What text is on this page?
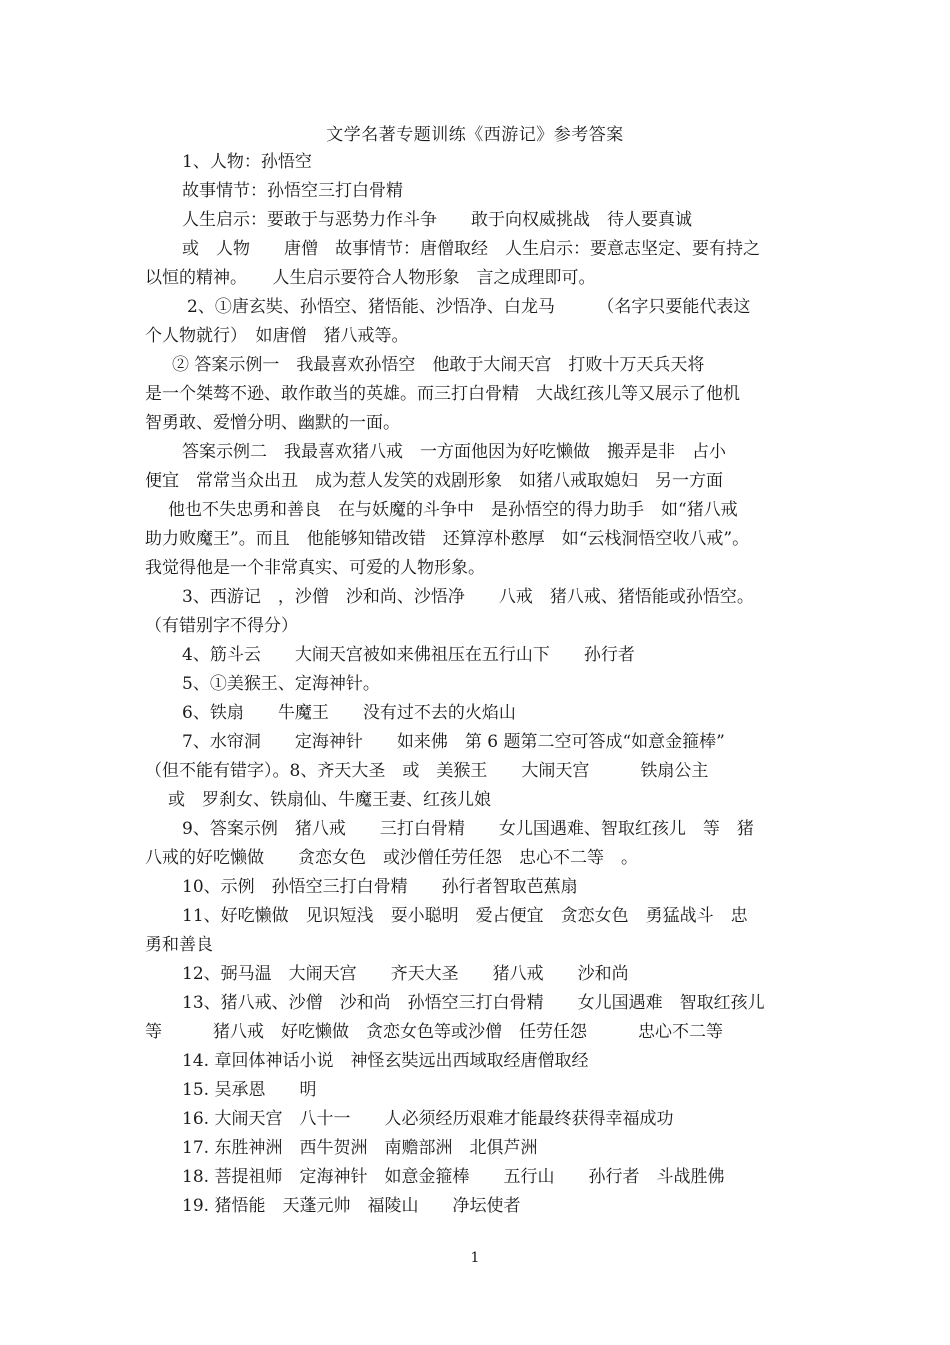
文学名著专题训练《西游记》参考答案
1、人物：孙悟空
故事情节：孙悟空三打白骨精
人生启示：要敢于与恶势力作斗争　　敢于向权威挑战　待人要真诚
或　人物　　唐僧　故事情节：唐僧取经　人生启示：要意志坚定、要有持之
以恒的精神。　　人生启示要符合人物形象　言之成理即可。
2、①唐玄奘、孙悟空、猪悟能、沙悟净、白龙马　　　（名字只要能代表这
个人物就行）　如唐僧　猪八戒等。
② 答案示例一　我最喜欢孙悟空　他敢于大闹天宫　打败十万天兵天将
是一个桀骜不逊、敢作敢当的英雄。而三打白骨精　大战红孩儿等又展示了他机
智勇敢、爱憎分明、幽默的一面。
答案示例二　我最喜欢猪八戒　一方面他因为好吃懒做　搬弄是非　占小
便宜　常常当众出丑　成为惹人发笑的戏剧形象　如猪八戒取媳妇　另一方面
他也不失忠勇和善良　在与妖魔的斗争中　是孙悟空的得力助手　如“猪八戒
助力败魔王”。而且　他能够知错改错　还算淳朴憨厚　如“云栈洞悟空收八戒”。
我觉得他是一个非常真实、可爱的人物形象。
3、西游记　，沙僧　沙和尚、沙悟净　　八戒　猪八戒、猪悟能或孙悟空。
（有错别字不得分）
4、筋斗云　　大闹天宫被如来佛祖压在五行山下　　孙行者
5、①美猴王、定海神针。
6、铁扇　　牛魔王　　没有过不去的火焰山
7、水帘洞　　定海神针　　如来佛　第 6 题第二空可答成“如意金箍棒”
（但不能有错字）。8、齐天大圣　或　美猴王　　大闹天宫　　　铁扇公主
或　罗刹女、铁扇仙、牛魔王妻、红孩儿娘
9、答案示例　猪八戒　　三打白骨精　　女儿国遇难、智取红孩儿　等　猪
八戒的好吃懒做　　贪恋女色　或沙僧任劳任怨　忠心不二等　。
10、示例　孙悟空三打白骨精　　孙行者智取芭蕉扇
11、好吃懒做　见识短浅　耍小聪明　爱占便宜　贪恋女色　勇猛战斗　忠
勇和善良
12、弼马温　大闹天宫　　齐天大圣　　猪八戒　　沙和尚
13、猪八戒、沙僧　沙和尚　孙悟空三打白骨精　　女儿国遇难　智取红孩儿
等　　　猪八戒　好吃懒做　贪恋女色等或沙僧　任劳任怨　　　忠心不二等
14. 章回体神话小说　神怪玄奘远出西域取经唐僧取经
15. 吴承恩　　明
16. 大闹天宫　八十一　　人必须经历艰难才能最终获得幸福成功
17. 东胜神洲　西牛贺洲　南赡部洲　北俱芦洲
18. 菩提祖师　定海神针　如意金箍棒　　五行山　　孙行者　斗战胜佛
19. 猪悟能　天蓬元帅　福陵山　　净坛使者
1
